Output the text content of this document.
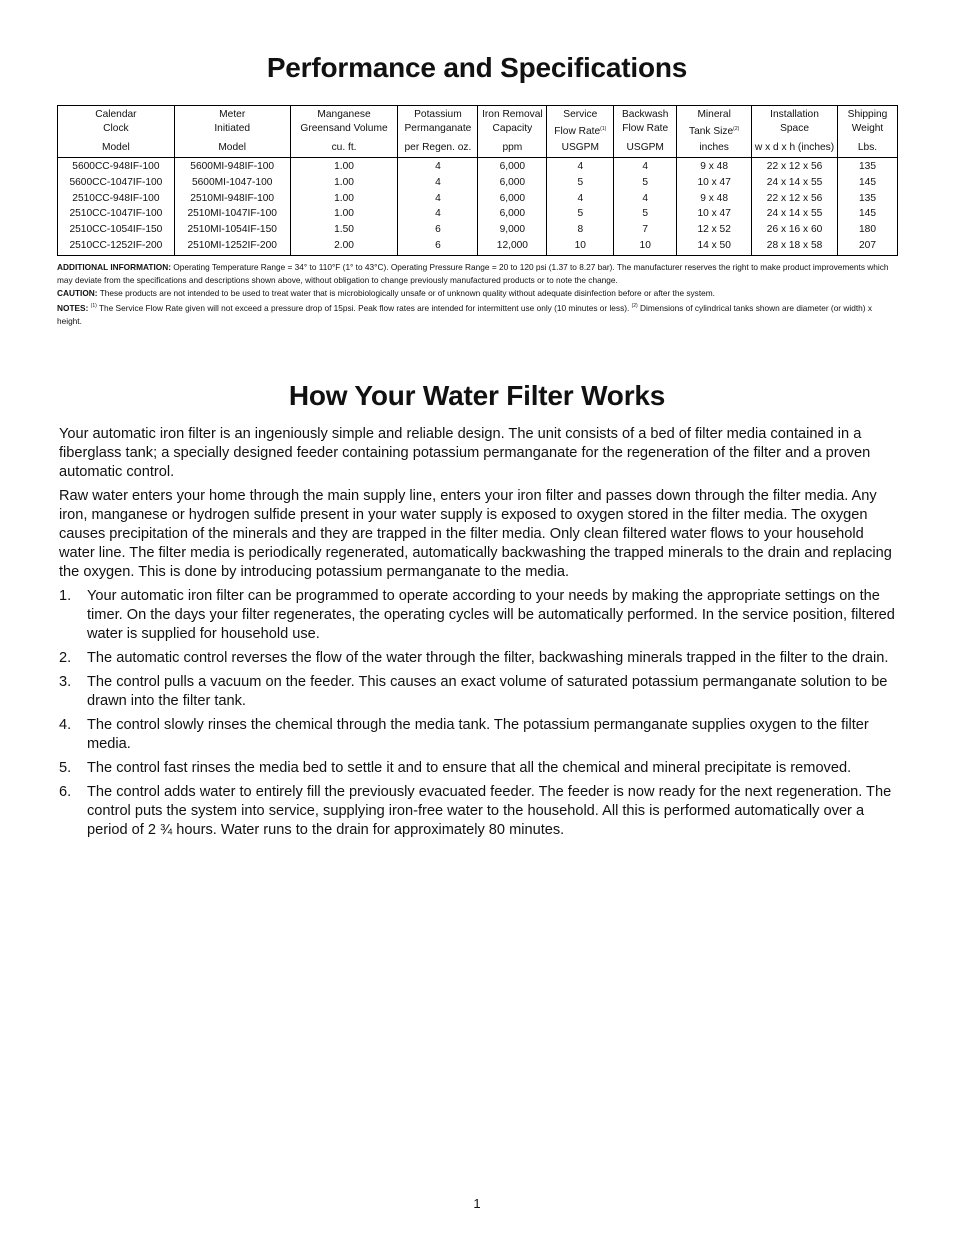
Performance and Specifications
Calendar	Meter	Manganese	Potassium	Iron Removal	Service	Backwash	Mineral	Installation	Shipping
Clock	Initiated	Greensand Volume	Permanganate	Capacity	Flow Rate$^{(1)}$	Flow Rate	Tank Size$^{(2)}$	Space	Weight
Model	Model	cu. ft.	per Regen. oz.	ppm	USGPM	USGPM	inches	w x d x h (inches)	Lbs.
5600CC-948IF-100	5600MI-948IF-100	1.00	4	6,000	4	4	9 x 48	22 x 12 x 56	135
5600CC-1047IF-100	5600MI-1047-100	1.00	4	6,000	5	5	10 x 47	24 x 14 x 55	145
2510CC-948IF-100	2510MI-948IF-100	1.00	4	6,000	4	4	9 x 48	22 x 12 x 56	135
2510CC-1047IF-100	2510MI-1047IF-100	1.00	4	6,000	5	5	10 x 47	24 x 14 x 55	145
2510CC-1054IF-150	2510MI-1054IF-150	1.50	6	9,000	8	7	12 x 52	26 x 16 x 60	180
2510CC-1252IF-200	2510MI-1252IF-200	2.00	6	12,000	10	10	14 x 50	28 x 18 x 58	207

ADDITIONAL INFORMATION: Operating Temperature Range = 34° to 110°F (1° to 43°C). Operating Pressure Range = 20 to 120 psi (1.37 to 8.27 bar). The manufacturer reserves the right to make product improvements which may deviate from the specifications and descriptions shown above, without obligation to change previously manufactured products or to note the change.

CAUTION: These products are not intended to be used to treat water that is microbiologically unsafe or of unknown quality without adequate disinfection before or after the system.

NOTES: $^{(1)}$ The Service Flow Rate given will not exceed a pressure drop of 15psi. Peak flow rates are intended for intermittent use only (10 minutes or less). $^{(2)}$ Dimensions of cylindrical tanks shown are diameter (or width) x height.

How Your Water Filter Works

Your automatic iron filter is an ingeniously simple and reliable design. The unit consists of a bed of filter media contained in a fiberglass tank; a specially designed feeder containing potassium permanganate for the regeneration of the filter and a proven automatic control.

Raw water enters your home through the main supply line, enters your iron filter and passes down through the filter media. Any iron, manganese or hydrogen sulfide present in your water supply is exposed to oxygen stored in the filter media. The oxygen causes precipitation of the minerals and they are trapped in the filter media. Only clean filtered water flows to your household water line. The filter media is periodically regenerated, automatically backwashing the trapped minerals to the drain and replacing the oxygen. This is done by introducing potassium permanganate to the media.

1. Your automatic iron filter can be programmed to operate according to your needs by making the appropriate settings on the timer. On the days your filter regenerates, the operating cycles will be automatically performed. In the service position, filtered water is supplied for household use.
2. The automatic control reverses the flow of the water through the filter, backwashing minerals trapped in the filter to the drain.
3. The control pulls a vacuum on the feeder. This causes an exact volume of saturated potassium permanganate solution to be drawn into the filter tank.
4. The control slowly rinses the chemical through the media tank. The potassium permanganate supplies oxygen to the filter media.
5. The control fast rinses the media bed to settle it and to ensure that all the chemical and mineral precipitate is removed.
6. The control adds water to entirely fill the previously evacuated feeder. The feeder is now ready for the next regeneration. The control puts the system into service, supplying iron-free water to the household. All this is performed automatically over a period of 2 ¾ hours. Water runs to the drain for approximately 80 minutes.
1
